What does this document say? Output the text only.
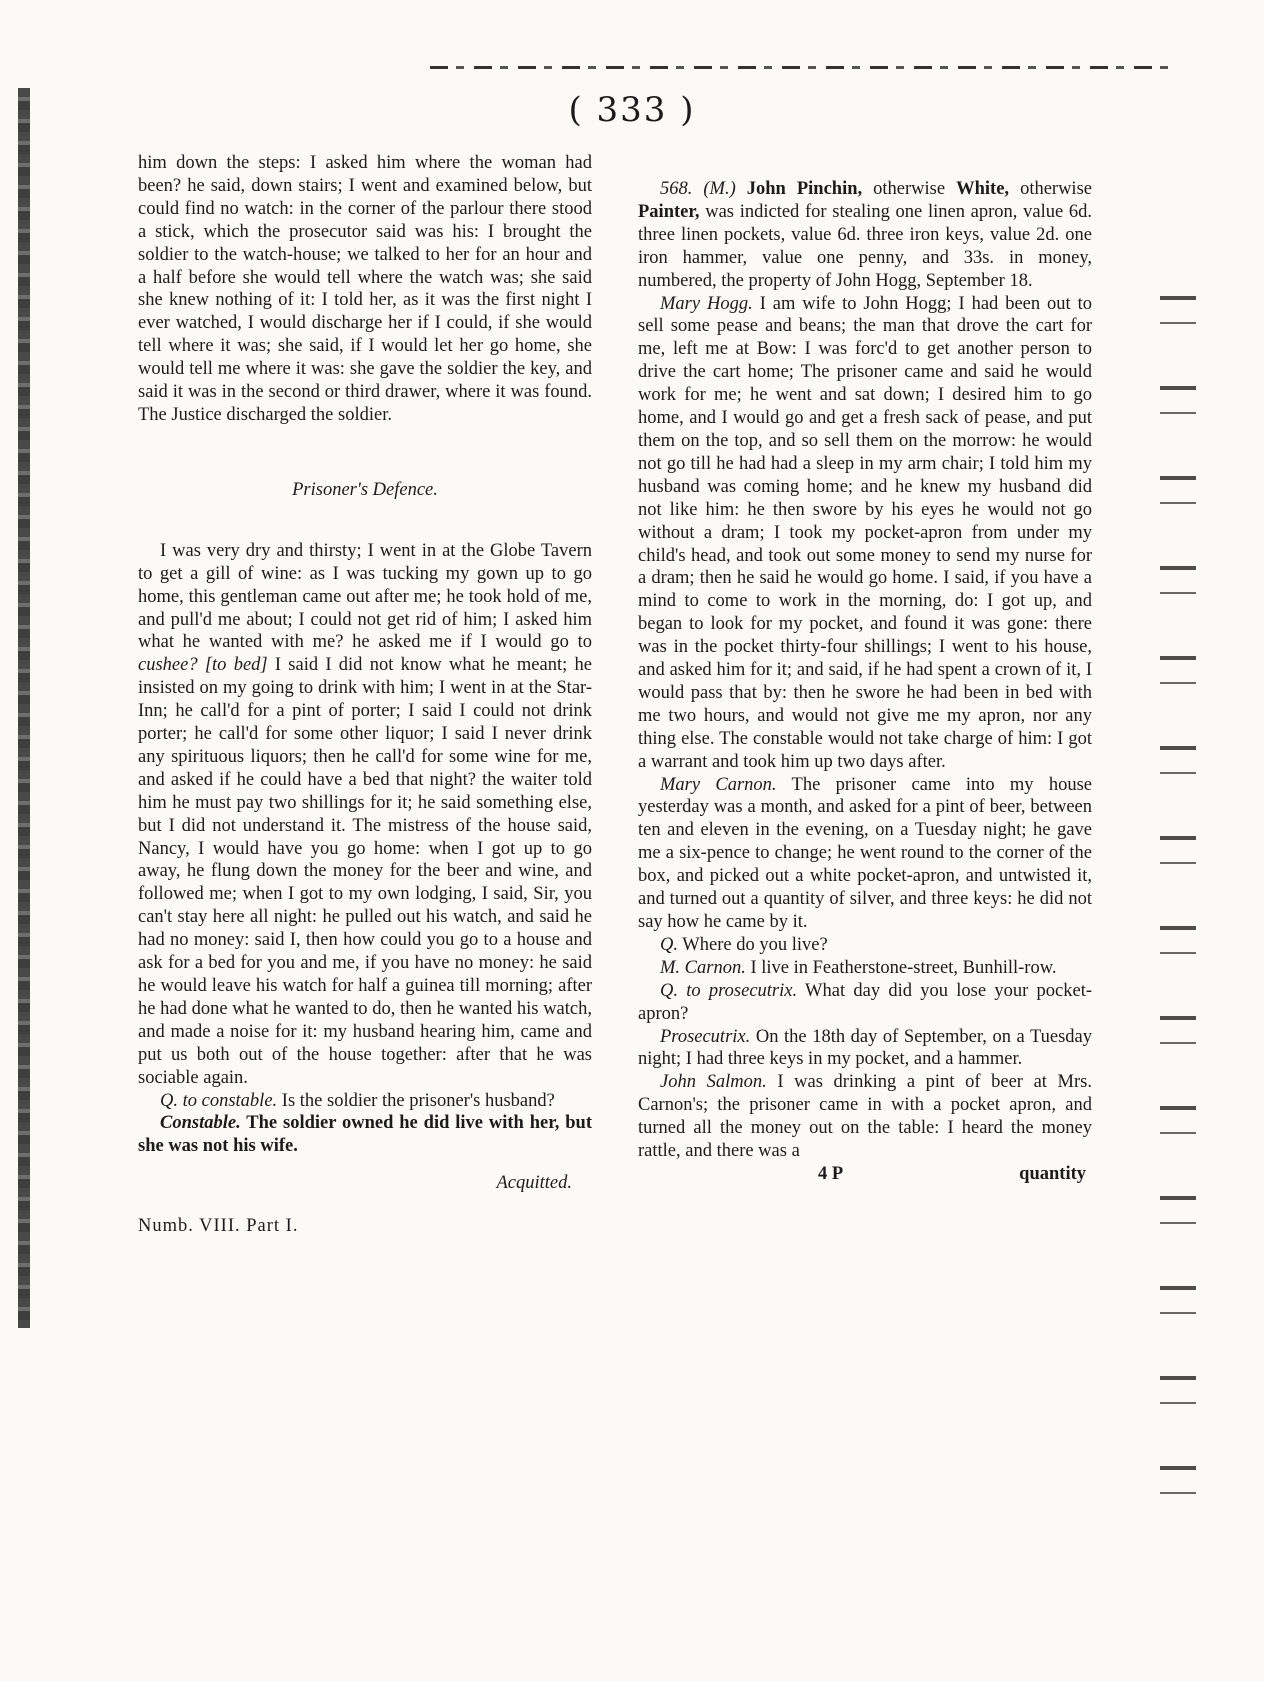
( 333 )

him down the steps: I asked him where the woman had been? he said, down stairs; I went and examined below, but could find no watch: in the corner of the parlour there stood a stick, which the prosecutor said was his: I brought the soldier to the watch-house; we talked to her for an hour and a half before she would tell where the watch was; she said she knew nothing of it: I told her, as it was the first night I ever watched, I would discharge her if I could, if she would tell where it was; she said, if I would let her go home, she would tell me where it was: she gave the soldier the key, and said it was in the second or third drawer, where it was found. The Justice discharged the soldier.

Prisoner's Defence.

I was very dry and thirsty; I went in at the Globe Tavern to get a gill of wine: as I was tucking my gown up to go home, this gentleman came out after me; he took hold of me, and pull'd me about; I could not get rid of him; I asked him what he wanted with me? he asked me if I would go to cushee? [to bed] I said I did not know what he meant; he insisted on my going to drink with him; I went in at the Star-Inn; he call'd for a pint of porter; I said I could not drink porter; he call'd for some other liquor; I said I never drink any spirituous liquors; then he call'd for some wine for me, and asked if he could have a bed that night? the waiter told him he must pay two shillings for it; he said something else, but I did not understand it. The mistress of the house said, Nancy, I would have you go home: when I got up to go away, he flung down the money for the beer and wine, and followed me; when I got to my own lodging, I said, Sir, you can't stay here all night: he pulled out his watch, and said he had no money: said I, then how could you go to a house and ask for a bed for you and me, if you have no money: he said he would leave his watch for half a guinea till morning; after he had done what he wanted to do, then he wanted his watch, and made a noise for it: my husband hearing him, came and put us both out of the house together: after that he was sociable again.

Q. to constable. Is the soldier the prisoner's husband?

Constable. The soldier owned he did live with her, but she was not his wife.

Acquitted.

Numb. VIII. Part I.

568. (M.) John Pinchin, otherwise White, otherwise Painter, was indicted for stealing one linen apron, value 6d. three linen pockets, value 6d. three iron keys, value 2d. one iron hammer, value one penny, and 33s. in money, numbered, the property of John Hogg, September 18.

Mary Hogg. I am wife to John Hogg; I had been out to sell some pease and beans; the man that drove the cart for me, left me at Bow: I was forc'd to get another person to drive the cart home; The prisoner came and said he would work for me; he went and sat down; I desired him to go home, and I would go and get a fresh sack of pease, and put them on the top, and so sell them on the morrow: he would not go till he had had a sleep in my arm chair; I told him my husband was coming home; and he knew my husband did not like him: he then swore by his eyes he would not go without a dram; I took my pocket-apron from under my child's head, and took out some money to send my nurse for a dram; then he said he would go home. I said, if you have a mind to come to work in the morning, do: I got up, and began to look for my pocket, and found it was gone: there was in the pocket thirty-four shillings; I went to his house, and asked him for it; and said, if he had spent a crown of it, I would pass that by: then he swore he had been in bed with me two hours, and would not give me my apron, nor any thing else. The constable would not take charge of him: I got a warrant and took him up two days after.

Mary Carnon. The prisoner came into my house yesterday was a month, and asked for a pint of beer, between ten and eleven in the evening, on a Tuesday night; he gave me a six-pence to change; he went round to the corner of the box, and picked out a white pocket-apron, and untwisted it, and turned out a quantity of silver, and three keys: he did not say how he came by it.

Q. Where do you live?

M. Carnon. I live in Featherstone-street, Bunhill-row.

Q. to prosecutrix. What day did you lose your pocket-apron?

Prosecutrix. On the 18th day of September, on a Tuesday night; I had three keys in my pocket, and a hammer.

John Salmon. I was drinking a pint of beer at Mrs. Carnon's; the prisoner came in with a pocket apron, and turned all the money out on the table: I heard the money rattle, and there was a

4 P	quantity
